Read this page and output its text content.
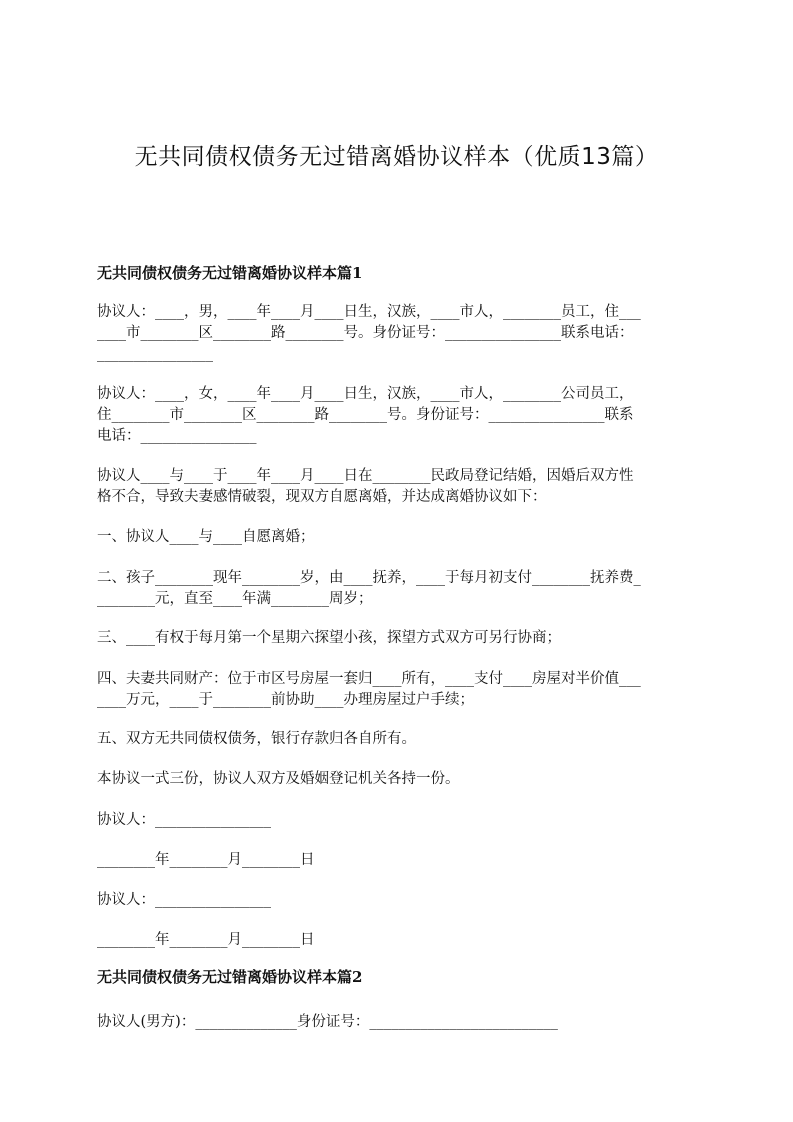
无共同债权债务无过错离婚协议样本（优质13篇）
无共同债权债务无过错离婚协议样本篇1
协议人：____，男，____年____月____日生，汉族，____市人，________员工，住___
____市________区________路________号。身份证号：________________联系电话：
________________
协议人：____，女，____年____月____日生，汉族，____市人，________公司员工，
住________市________区________路________号。身份证号：________________联系
电话：________________
协议人____与____于____年____月____日在________民政局登记结婚，因婚后双方性
格不合，导致夫妻感情破裂，现双方自愿离婚，并达成离婚协议如下：
一、协议人____与____自愿离婚；
二、孩子________现年________岁，由____抚养，____于每月初支付________抚养费_
________元，直至____年满________周岁；
三、____有权于每月第一个星期六探望小孩，探望方式双方可另行协商；
四、夫妻共同财产：位于市区号房屋一套归____所有，____支付____房屋对半价值___
____万元，____于________前协助____办理房屋过户手续；
五、双方无共同债权债务，银行存款归各自所有。
本协议一式三份，协议人双方及婚姻登记机关各持一份。
协议人：________________
________年________月________日
协议人：________________
________年________月________日
无共同债权债务无过错离婚协议样本篇2
协议人(男方)：______________身份证号：__________________________
